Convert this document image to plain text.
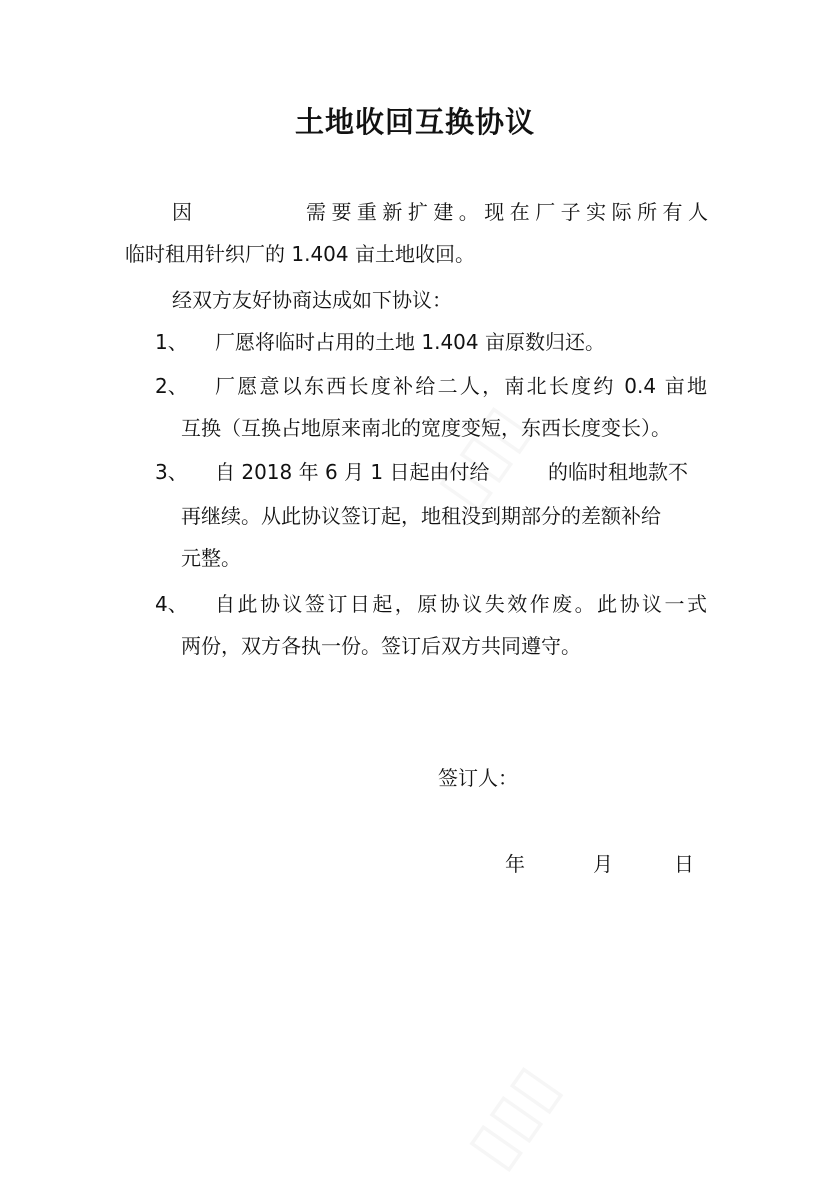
土地收回互换协议
因	需要重新扩建。现在厂子实际所有人
临时租用针织厂的 1.404 亩土地收回。
经双方友好协商达成如下协议：
1、 厂愿将临时占用的土地 1.404 亩原数归还。
2、 厂愿意以东西长度补给二人，南北长度约 0.4 亩地
互换（互换占地原来南北的宽度变短，东西长度变长）。
3、 自 2018 年 6 月 1 日起由付给	的临时租地款不
再继续。从此协议签订起，地租没到期部分的差额补给
元整。
4、 自此协议签订日起，原协议失效作废。此协议一式
两份，双方各执一份。签订后双方共同遵守。
签订人：
年	月	日
